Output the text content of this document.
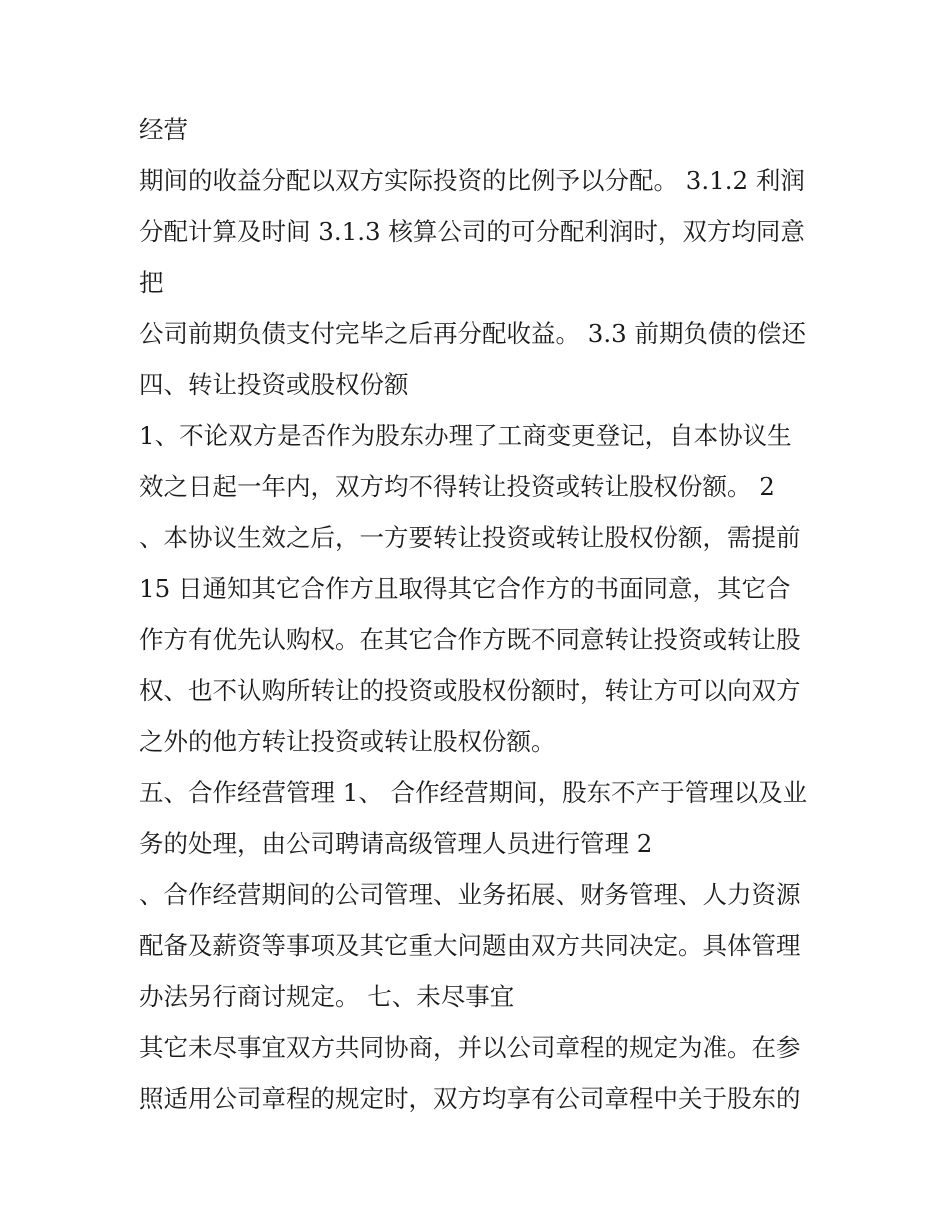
经营
期间的收益分配以双方实际投资的比例予以分配。 3.1.2 利润
分配计算及时间 3.1.3 核算公司的可分配利润时，双方均同意
把
公司前期负债支付完毕之后再分配收益。 3.3 前期负债的偿还
四、转让投资或股权份额
1、不论双方是否作为股东办理了工商变更登记，自本协议生
效之日起一年内，双方均不得转让投资或转让股权份额。 2
、本协议生效之后，一方要转让投资或转让股权份额，需提前
15 日通知其它合作方且取得其它合作方的书面同意，其它合
作方有优先认购权。在其它合作方既不同意转让投资或转让股
权、也不认购所转让的投资或股权份额时，转让方可以向双方
之外的他方转让投资或转让股权份额。
五、合作经营管理 1、 合作经营期间，股东不产于管理以及业
务的处理，由公司聘请高级管理人员进行管理 2
、合作经营期间的公司管理、业务拓展、财务管理、人力资源
配备及薪资等事项及其它重大问题由双方共同决定。具体管理
办法另行商讨规定。 七、未尽事宜
其它未尽事宜双方共同协商，并以公司章程的规定为准。在参
照适用公司章程的规定时，双方均享有公司章程中关于股东的
